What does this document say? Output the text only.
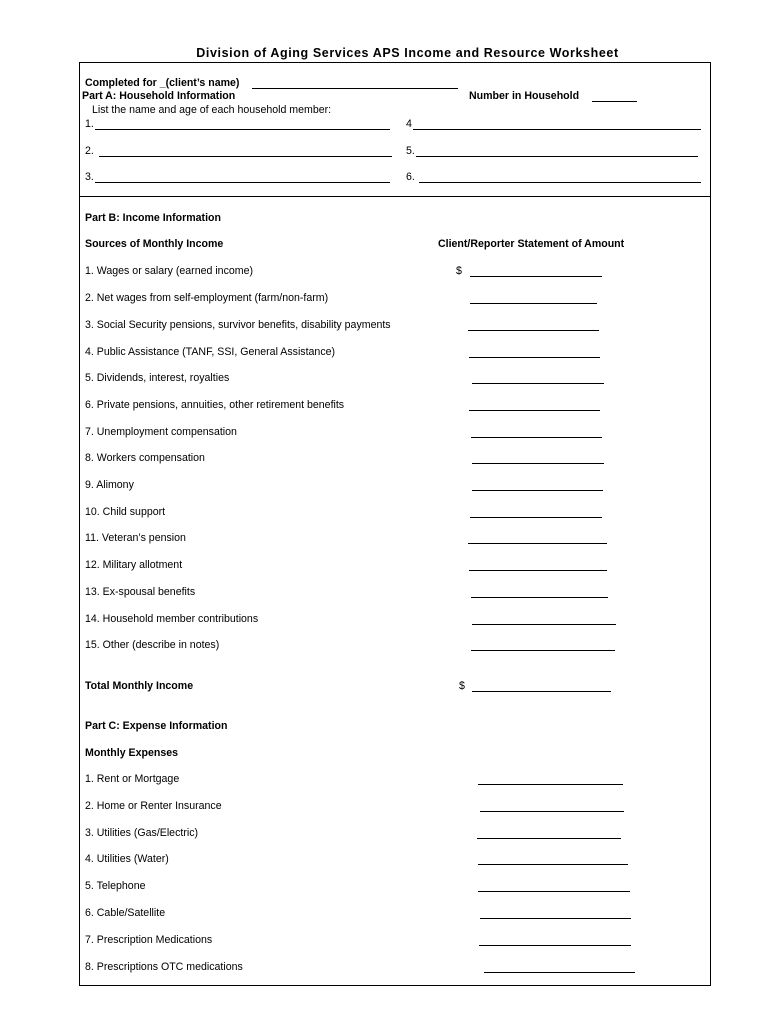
Division of Aging Services APS Income and Resource Worksheet
Completed for _(client’s name)
Part A: Household Information	Number in Household
List the name and age of each household member:
1.
2.
3.
4
5.
6.
Part B: Income Information
Sources of Monthly Income	Client/Reporter Statement of Amount
1. Wages or salary (earned income)	$
2. Net wages from self-employment (farm/non-farm)
3. Social Security pensions, survivor benefits, disability payments
4. Public Assistance (TANF, SSI, General Assistance)
5. Dividends, interest, royalties
6. Private pensions, annuities, other retirement benefits
7. Unemployment compensation
8. Workers compensation
9. Alimony
10. Child support
11. Veteran’s pension
12. Military allotment
13. Ex-spousal benefits
14. Household member contributions
15. Other (describe in notes)
Total Monthly Income	$
Part C: Expense Information
Monthly Expenses
1. Rent or Mortgage
2. Home or Renter Insurance
3. Utilities (Gas/Electric)
4. Utilities (Water)
5. Telephone
6. Cable/Satellite
7. Prescription Medications
8. Prescriptions OTC medications
